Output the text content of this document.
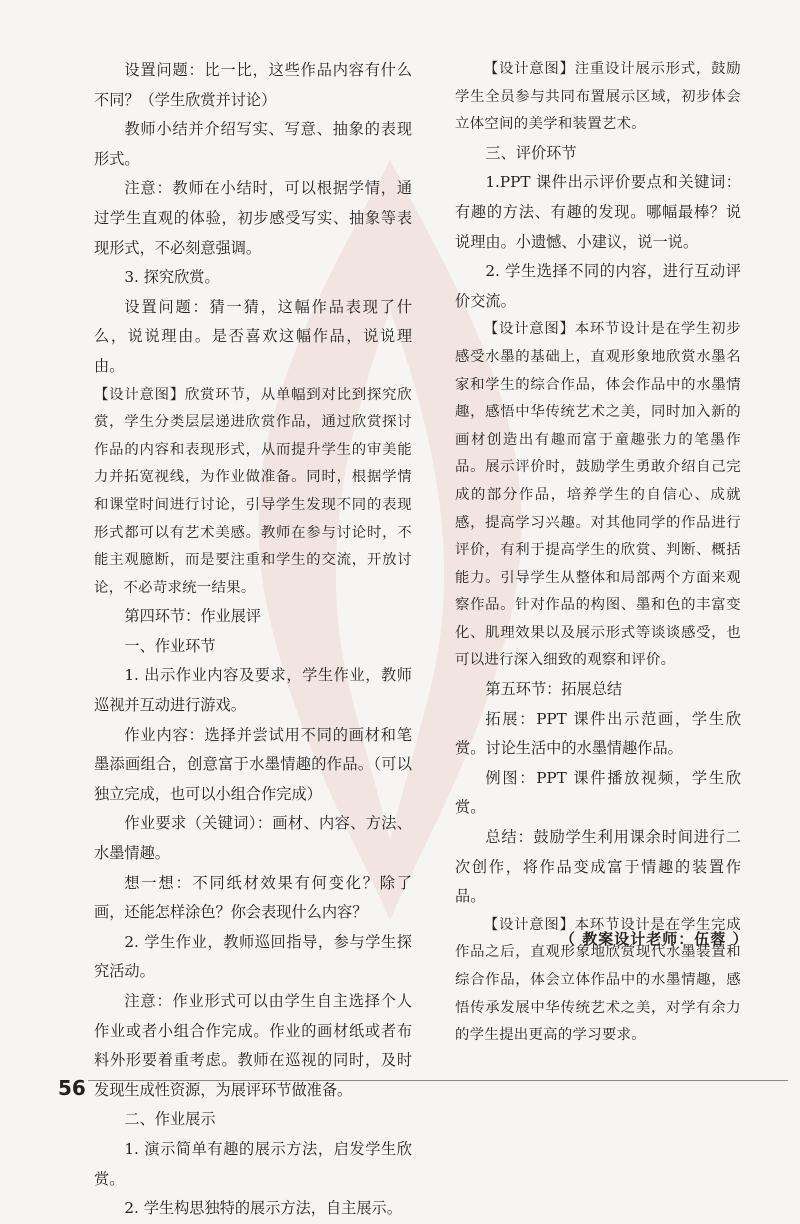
设置问题：比一比，这些作品内容有什么不同？（学生欣赏并讨论）

教师小结并介绍写实、写意、抽象的表现形式。

注意：教师在小结时，可以根据学情，通过学生直观的体验，初步感受写实、抽象等表现形式，不必刻意强调。

3. 探究欣赏。

设置问题：猜一猜，这幅作品表现了什么，说说理由。是否喜欢这幅作品，说说理由。

【设计意图】欣赏环节，从单幅到对比到探究欣赏，学生分类层层递进欣赏作品，通过欣赏探讨作品的内容和表现形式，从而提升学生的审美能力并拓宽视线，为作业做准备。同时，根据学情和课堂时间进行讨论，引导学生发现不同的表现形式都可以有艺术美感。教师在参与讨论时，不能主观臆断，而是要注重和学生的交流，开放讨论，不必苛求统一结果。

第四环节：作业展评

一、作业环节

1. 出示作业内容及要求，学生作业，教师巡视并互动进行游戏。

作业内容：选择并尝试用不同的画材和笔墨添画组合，创意富于水墨情趣的作品。（可以独立完成，也可以小组合作完成）

作业要求（关键词）：画材、内容、方法、水墨情趣。

想一想：不同纸材效果有何变化？除了画，还能怎样涂色？你会表现什么内容？

2. 学生作业，教师巡回指导，参与学生探究活动。

注意：作业形式可以由学生自主选择个人作业或者小组合作完成。作业的画材纸或者布料外形要着重考虑。教师在巡视的同时，及时发现生成性资源，为展评环节做准备。

二、作业展示

1. 演示简单有趣的展示方法，启发学生欣赏。

2. 学生构思独特的展示方法，自主展示。

【设计意图】注重设计展示形式，鼓励学生全员参与共同布置展示区域，初步体会立体空间的美学和装置艺术。

三、评价环节

1.PPT 课件出示评价要点和关键词：有趣的方法、有趣的发现。哪幅最棒？说说理由。小遗憾、小建议，说一说。

2. 学生选择不同的内容，进行互动评价交流。

【设计意图】本环节设计是在学生初步感受水墨的基础上，直观形象地欣赏水墨名家和学生的综合作品，体会作品中的水墨情趣，感悟中华传统艺术之美，同时加入新的画材创造出有趣而富于童趣张力的笔墨作品。展示评价时，鼓励学生勇敢介绍自己完成的部分作品，培养学生的自信心、成就感，提高学习兴趣。对其他同学的作品进行评价，有利于提高学生的欣赏、判断、概括能力。引导学生从整体和局部两个方面来观察作品。针对作品的构图、墨和色的丰富变化、肌理效果以及展示形式等谈谈感受，也可以进行深入细致的观察和评价。

第五环节：拓展总结

拓展：PPT 课件出示范画，学生欣赏。讨论生活中的水墨情趣作品。

例图：PPT 课件播放视频，学生欣赏。

总结：鼓励学生利用课余时间进行二次创作，将作品变成富于情趣的装置作品。

【设计意图】本环节设计是在学生完成作品之后，直观形象地欣赏现代水墨装置和综合作品，体会立体作品中的水墨情趣，感悟传承发展中华传统艺术之美，对学有余力的学生提出更高的学习要求。

（ 教案设计老师：伍蓉 ）
56
